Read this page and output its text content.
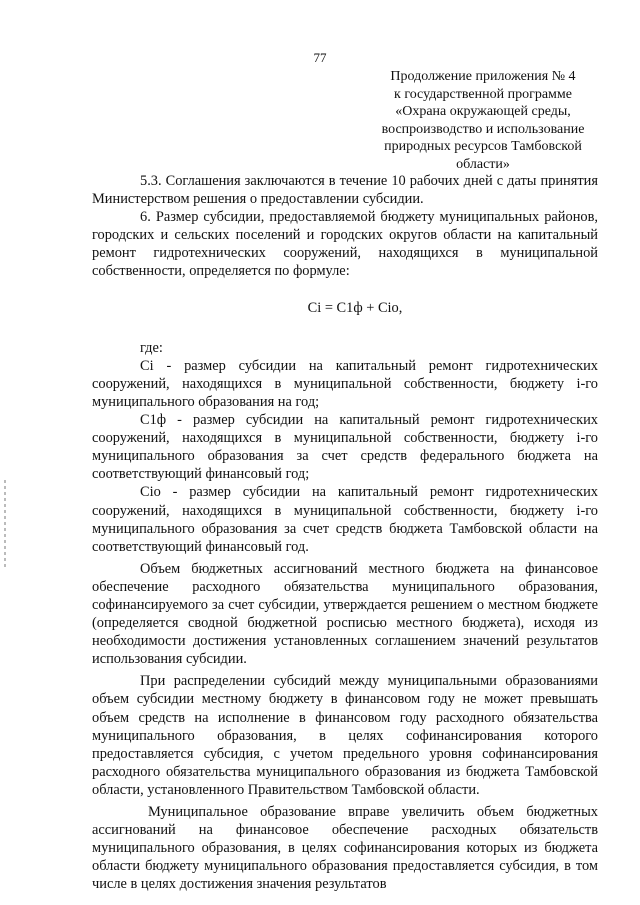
77
Продолжение приложения № 4
к государственной программе
«Охрана окружающей среды,
воспроизводство и использование
природных ресурсов Тамбовской
области»

5.3. Соглашения заключаются в течение 10 рабочих дней с даты принятия Министерством решения о предоставлении субсидии.

6. Размер субсидии, предоставляемой бюджету муниципальных районов, городских и сельских поселений и городских округов области на капитальный ремонт гидротехнических сооружений, находящихся в муниципальной собственности, определяется по формуле:

Ci = C1ф + Cio,

где:

Ci - размер субсидии на капитальный ремонт гидротехнических сооружений, находящихся в муниципальной собственности, бюджету i-го муниципального образования на год;

C1ф - размер субсидии на капитальный ремонт гидротехнических сооружений, находящихся в муниципальной собственности, бюджету i-го муниципального образования за счет средств федерального бюджета на соответствующий финансовый год;

Cio - размер субсидии на капитальный ремонт гидротехнических сооружений, находящихся в муниципальной собственности, бюджету i-го муниципального образования за счет средств бюджета Тамбовской области на соответствующий финансовый год.

Объем бюджетных ассигнований местного бюджета на финансовое обеспечение расходного обязательства муниципального образования, софинансируемого за счет субсидии, утверждается решением о местном бюджете (определяется сводной бюджетной росписью местного бюджета), исходя из необходимости достижения установленных соглашением значений результатов использования субсидии.

При распределении субсидий между муниципальными образованиями объем субсидии местному бюджету в финансовом году не может превышать объем средств на исполнение в финансовом году расходного обязательства муниципального образования, в целях софинансирования которого предоставляется субсидия, с учетом предельного уровня софинансирования расходного обязательства муниципального образования из бюджета Тамбовской области, установленного Правительством Тамбовской области.

Муниципальное образование вправе увеличить объем бюджетных ассигнований на финансовое обеспечение расходных обязательств муниципального образования, в целях софинансирования которых из бюджета области бюджету муниципального образования предоставляется субсидия, в том числе в целях достижения значения результатов
